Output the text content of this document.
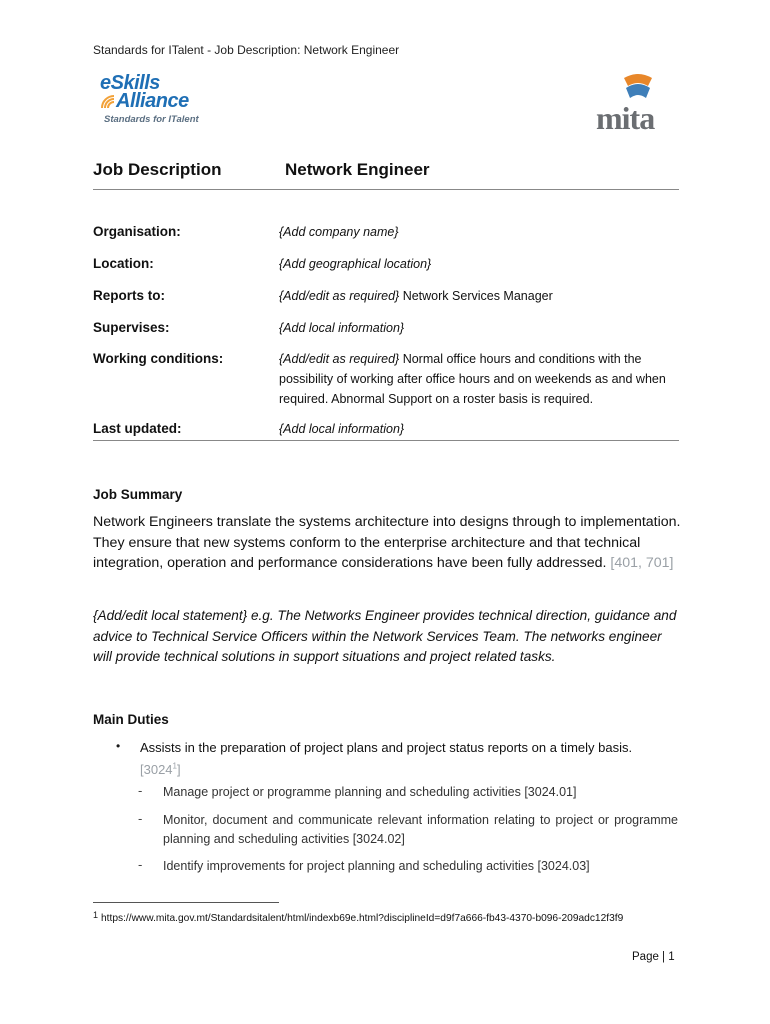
Standards for ITalent - Job Description: Network Engineer
eSkills
Alliance
Standards for ITalent	mita
Job Description	Network Engineer
Organisation:	{Add company name}
Location:	{Add geographical location}
Reports to:	{Add/edit as required} Network Services Manager
Supervises:	{Add local information}
Working conditions:	{Add/edit as required} Normal office hours and conditions with the possibility of working after office hours and on weekends as and when required. Abnormal Support on a roster basis is required.
Last updated:	{Add local information}
Job Summary
Network Engineers translate the systems architecture into designs through to implementation. They ensure that new systems conform to the enterprise architecture and that technical integration, operation and performance considerations have been fully addressed. [401, 701]
{Add/edit local statement} e.g. The Networks Engineer provides technical direction, guidance and advice to Technical Service Officers within the Network Services Team. The networks engineer will provide technical solutions in support situations and project related tasks.
Main Duties
• Assists in the preparation of project plans and project status reports on a timely basis.
[3024$^1$]
- Manage project or programme planning and scheduling activities [3024.01]
- Monitor, document and communicate relevant information relating to project or programme planning and scheduling activities [3024.02]
- Identify improvements for project planning and scheduling activities [3024.03]
1 https://www.mita.gov.mt/Standardsitalent/html/indexb69e.html?disciplineId=d9f7a666-fb43-4370-b096-209adc12f3f9
Page | 1
